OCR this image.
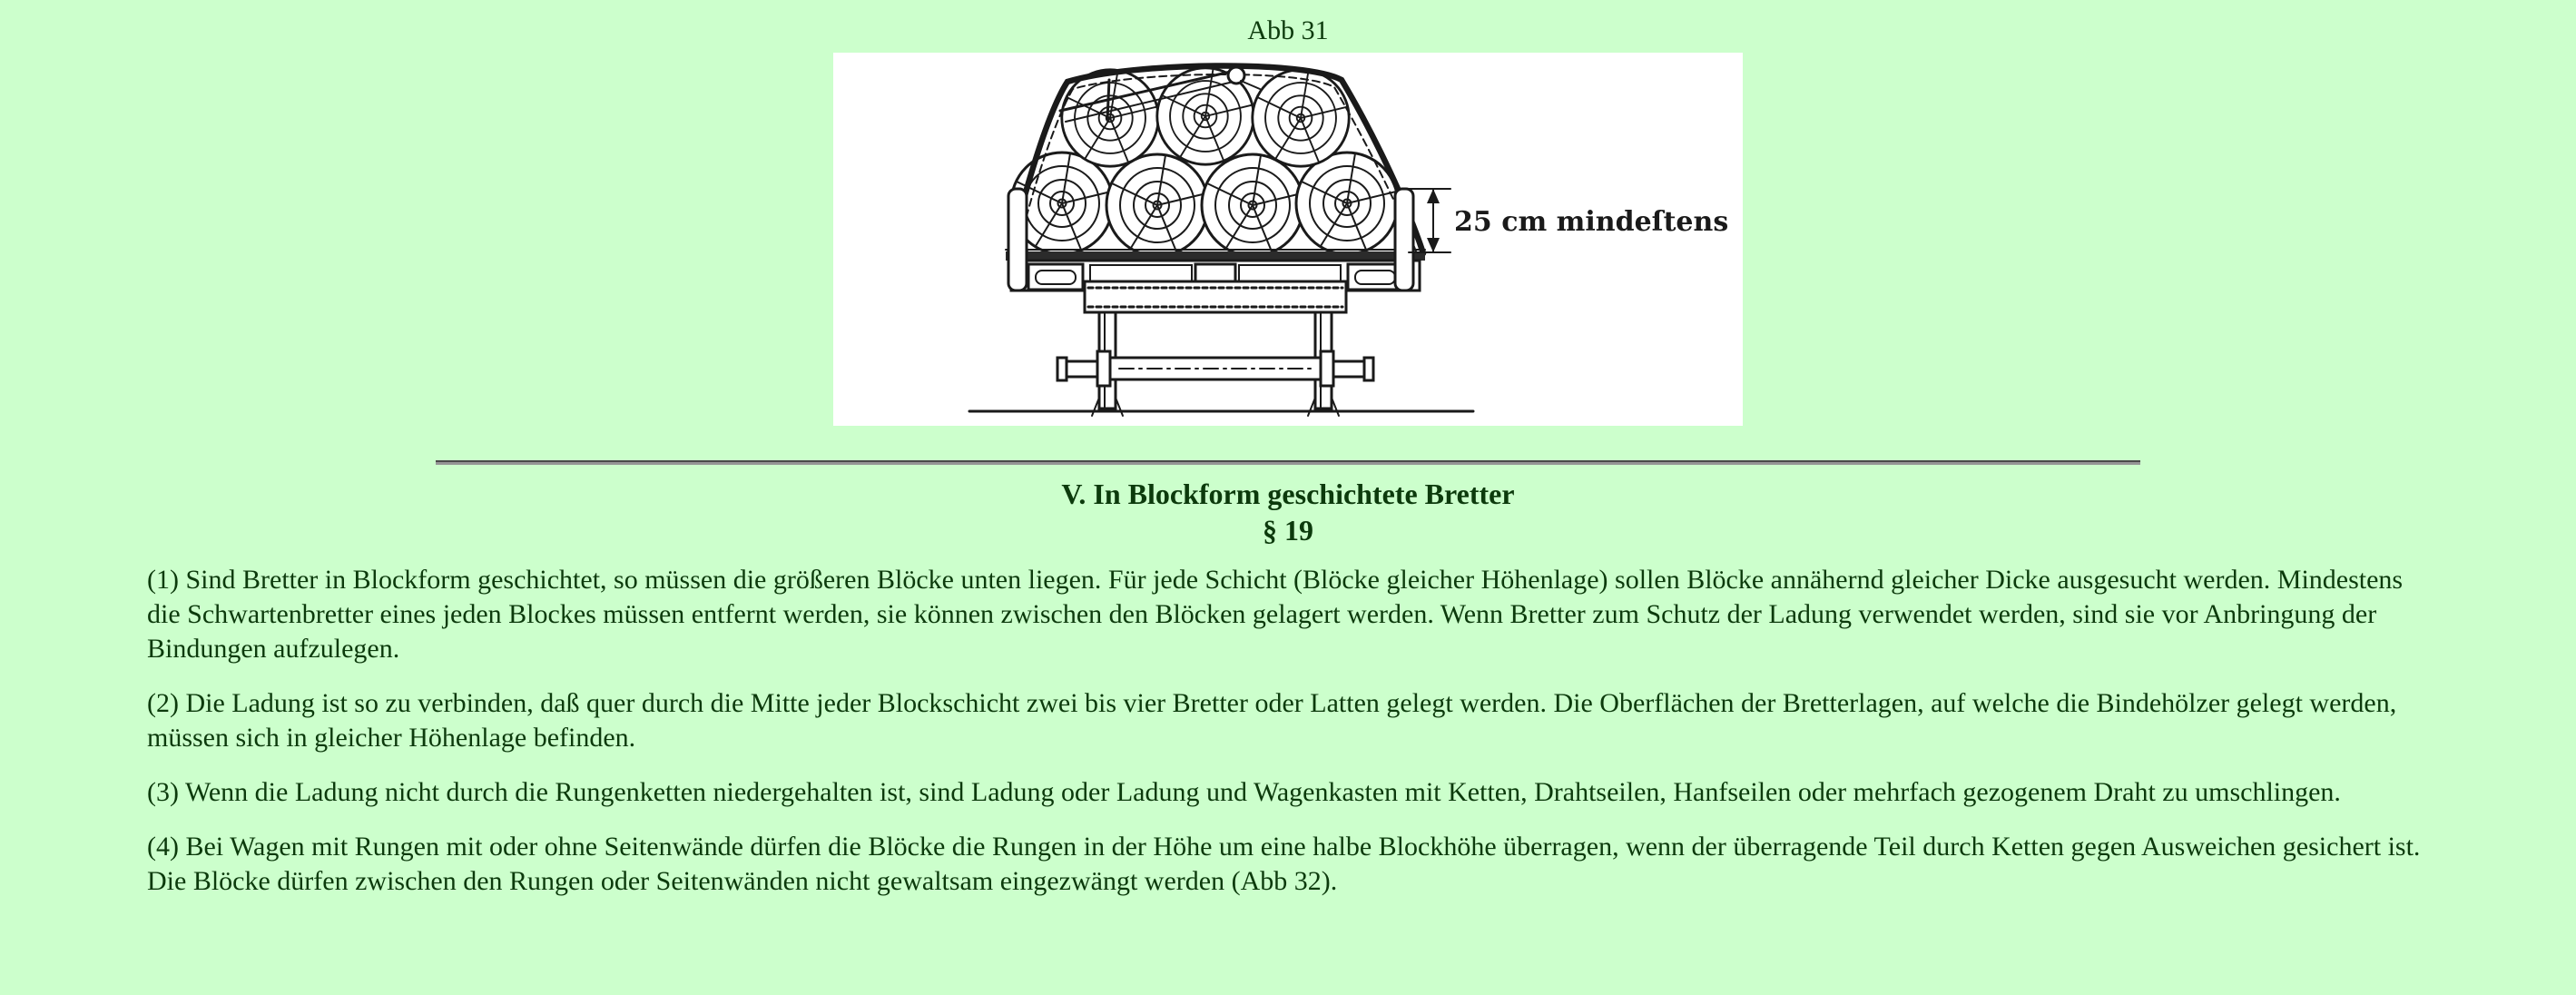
Abb 31
25 cm mindeſtens
V. In Blockform geschichtete Bretter
§ 19

(1) Sind Bretter in Blockform geschichtet, so müssen die größeren Blöcke unten liegen. Für jede Schicht (Blöcke gleicher Höhenlage) sollen Blöcke annähernd gleicher Dicke ausgesucht werden. Mindestens die Schwartenbretter eines jeden Blockes müssen entfernt werden, sie können zwischen den Blöcken gelagert werden. Wenn Bretter zum Schutz der Ladung verwendet werden, sind sie vor Anbringung der Bindungen aufzulegen.

(2) Die Ladung ist so zu verbinden, daß quer durch die Mitte jeder Blockschicht zwei bis vier Bretter oder Latten gelegt werden. Die Oberflächen der Bretterlagen, auf welche die Bindehölzer gelegt werden, müssen sich in gleicher Höhenlage befinden.

(3) Wenn die Ladung nicht durch die Rungenketten niedergehalten ist, sind Ladung oder Ladung und Wagenkasten mit Ketten, Drahtseilen, Hanfseilen oder mehrfach gezogenem Draht zu umschlingen.

(4) Bei Wagen mit Rungen mit oder ohne Seitenwände dürfen die Blöcke die Rungen in der Höhe um eine halbe Blockhöhe überragen, wenn der überragende Teil durch Ketten gegen Ausweichen gesichert ist. Die Blöcke dürfen zwischen den Rungen oder Seitenwänden nicht gewaltsam eingezwängt werden (Abb 32).
